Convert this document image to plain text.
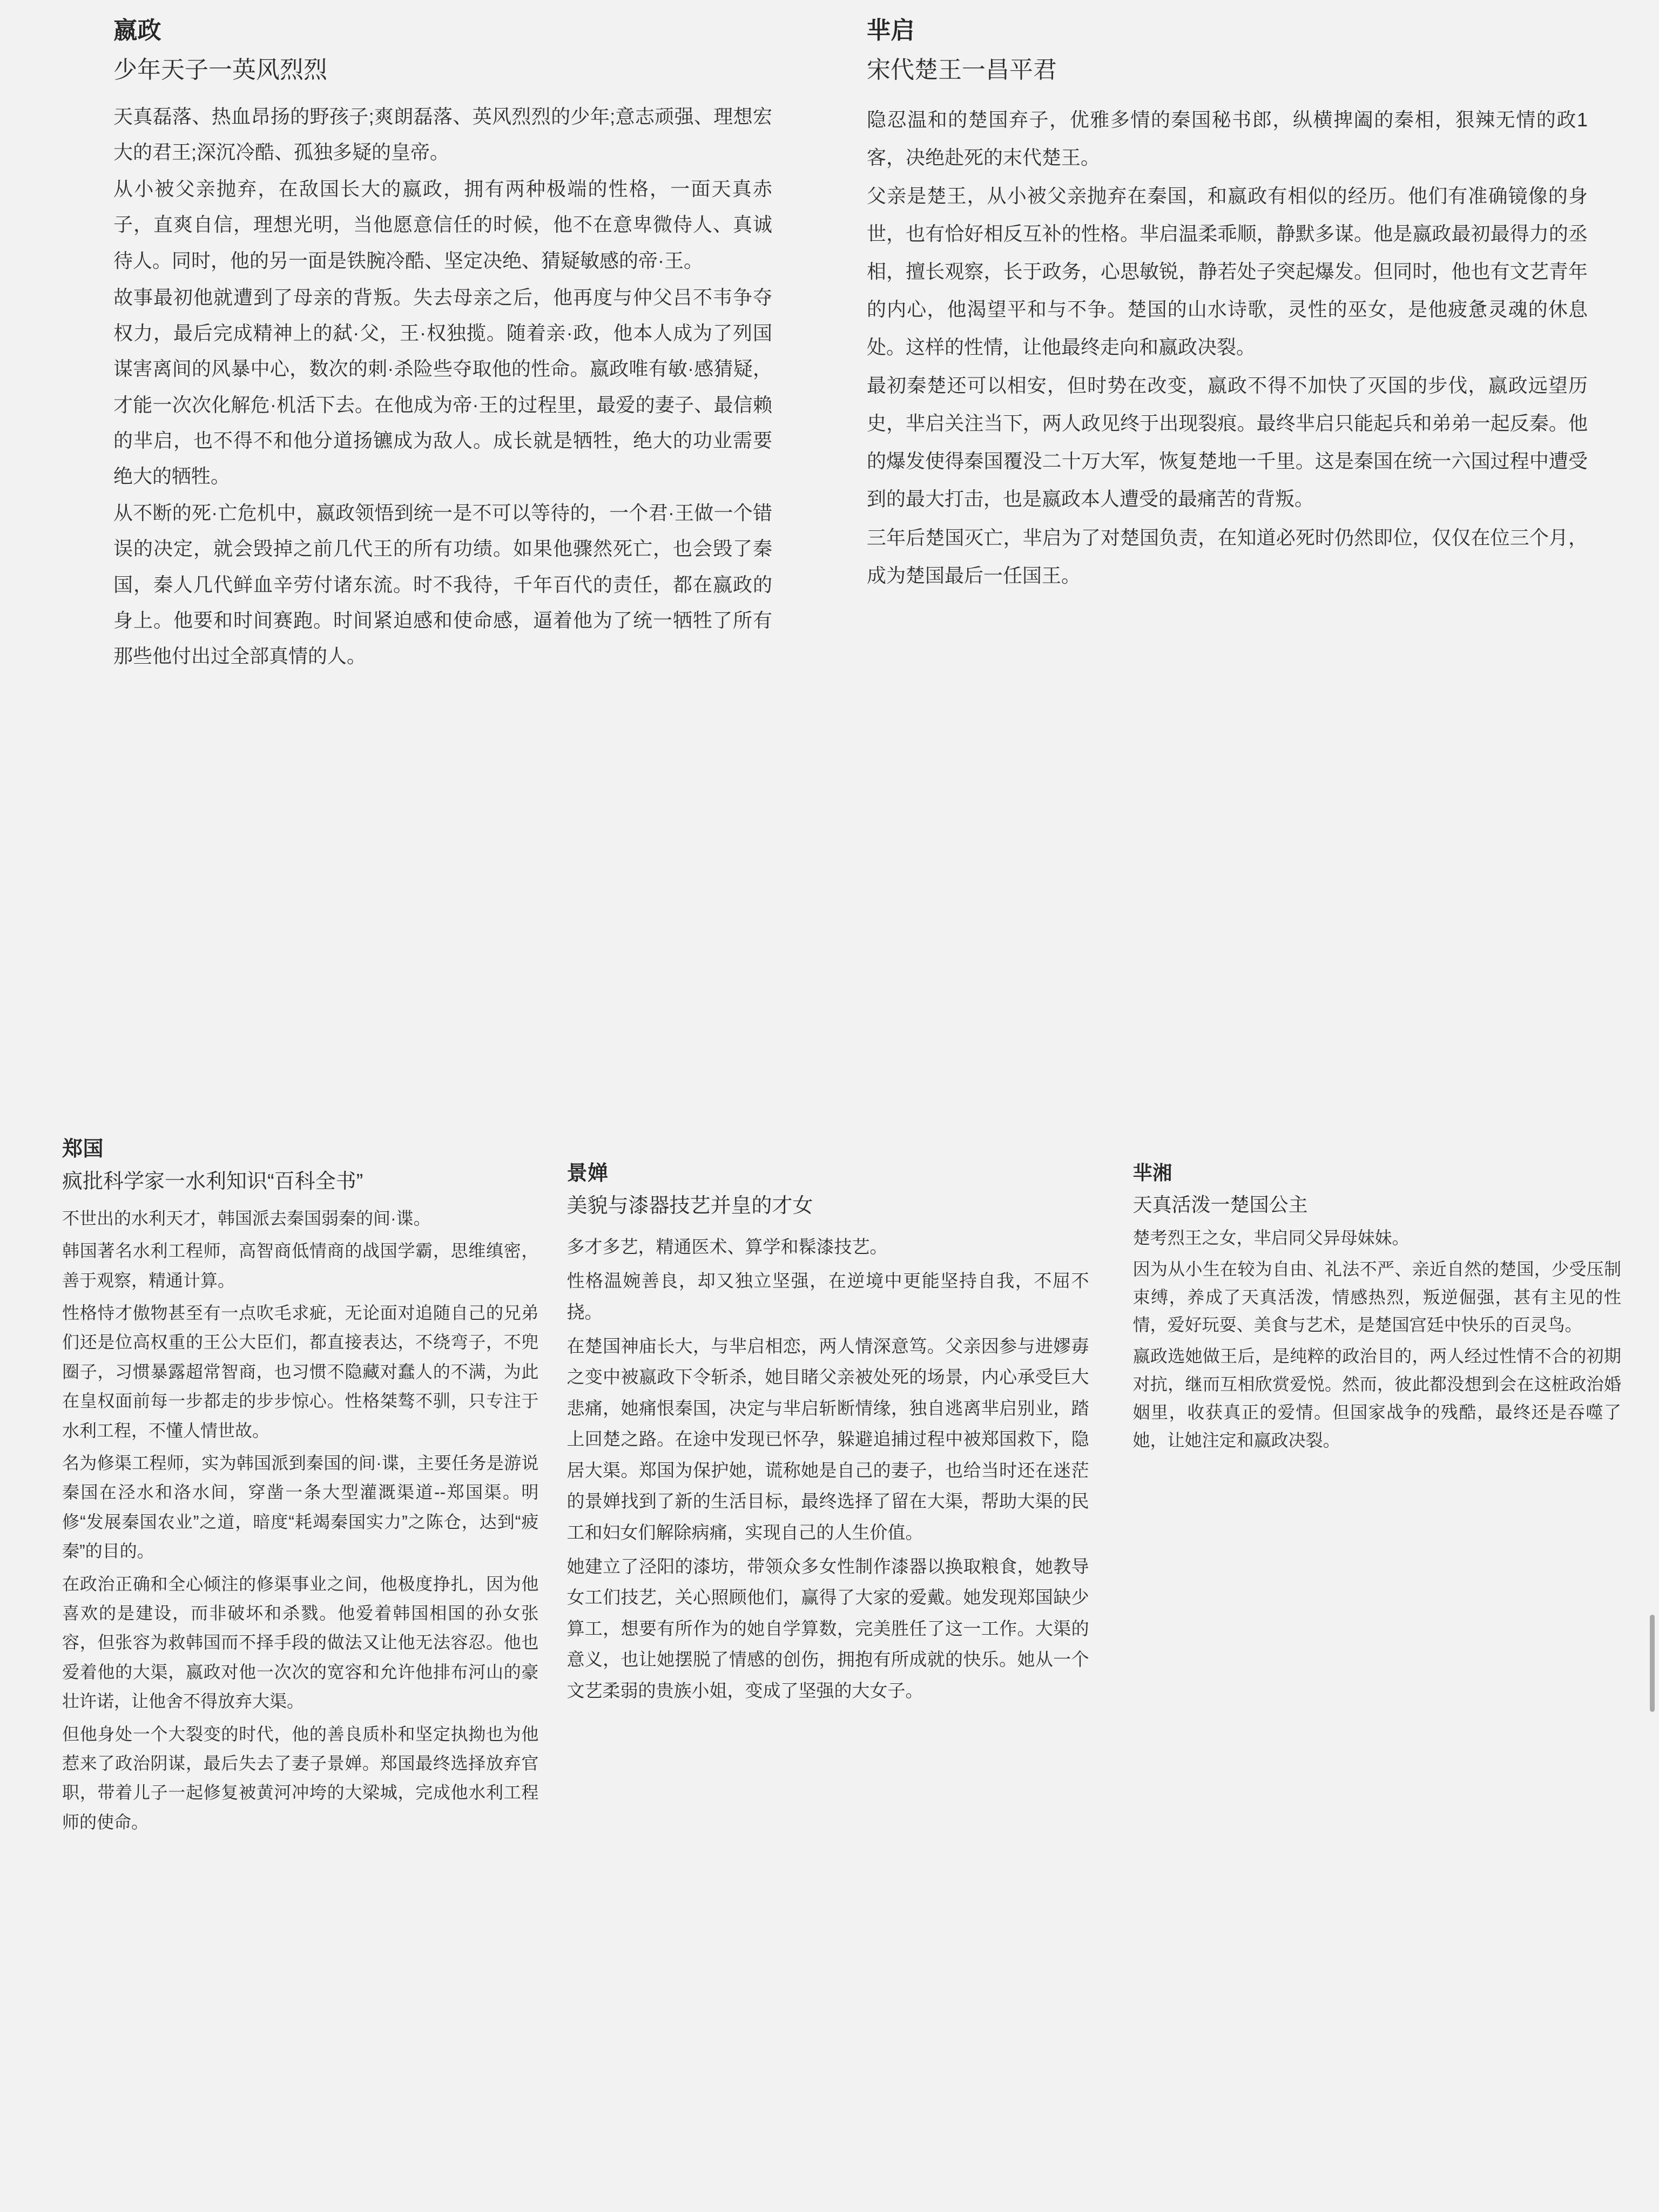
嬴政
少年天子一英风烈烈

天真磊落、热血昂扬的野孩子;爽朗磊落、英风烈烈的少年;意志顽强、理想宏大的君王;深沉冷酷、孤独多疑的皇帝。

从小被父亲抛弃，在敌国长大的嬴政，拥有两种极端的性格，一面天真赤子，直爽自信，理想光明，当他愿意信任的时候，他不在意卑微侍人、真诚待人。同时，他的另一面是铁腕冷酷、坚定决绝、猜疑敏感的帝·王。

故事最初他就遭到了母亲的背叛。失去母亲之后，他再度与仲父吕不韦争夺权力，最后完成精神上的弑·父，王·权独揽。随着亲·政，他本人成为了列国谋害离间的风暴中心，数次的刺·杀险些夺取他的性命。嬴政唯有敏·感猜疑，才能一次次化解危·机活下去。在他成为帝·王的过程里，最爱的妻子、最信赖的芈启，也不得不和他分道扬镳成为敌人。成长就是牺牲，绝大的功业需要绝大的牺牲。

从不断的死·亡危机中，嬴政领悟到统一是不可以等待的，一个君·王做一个错误的决定，就会毁掉之前几代王的所有功绩。如果他骤然死亡，也会毁了秦国，秦人几代鲜血辛劳付诸东流。时不我待，千年百代的责任，都在嬴政的身上。他要和时间赛跑。时间紧迫感和使命感，逼着他为了统一牺牲了所有那些他付出过全部真情的人。

芈启
宋代楚王一昌平君

隐忍温和的楚国弃子，优雅多情的秦国秘书郎，纵横捭阖的秦相，狠辣无情的政1客，决绝赴死的末代楚王。

父亲是楚王，从小被父亲抛弃在秦国，和嬴政有相似的经历。他们有准确镜像的身世，也有恰好相反互补的性格。芈启温柔乖顺，静默多谋。他是嬴政最初最得力的丞相，擅长观察，长于政务，心思敏锐，静若处子突起爆发。但同时，他也有文艺青年的内心，他渴望平和与不争。楚国的山水诗歌，灵性的巫女，是他疲惫灵魂的休息处。这样的性情，让他最终走向和嬴政决裂。

最初秦楚还可以相安，但时势在改变，嬴政不得不加快了灭国的步伐，嬴政远望历史，芈启关注当下，两人政见终于出现裂痕。最终芈启只能起兵和弟弟一起反秦。他的爆发使得秦国覆没二十万大军，恢复楚地一千里。这是秦国在统一六国过程中遭受到的最大打击，也是嬴政本人遭受的最痛苦的背叛。

三年后楚国灭亡，芈启为了对楚国负责，在知道必死时仍然即位，仅仅在位三个月，成为楚国最后一任国王。

郑国
疯批科学家一水利知识“百科全书”

不世出的水利天才，韩国派去秦国弱秦的间·谍。

韩国著名水利工程师，高智商低情商的战国学霸，思维缜密，善于观察，精通计算。

性格恃才傲物甚至有一点吹毛求疵，无论面对追随自己的兄弟们还是位高权重的王公大臣们，都直接表达，不绕弯子，不兜圈子，习惯暴露超常智商，也习惯不隐藏对蠢人的不满，为此在皇权面前每一步都走的步步惊心。性格桀骜不驯，只专注于水利工程，不懂人情世故。

名为修渠工程师，实为韩国派到秦国的间·谍，主要任务是游说秦国在泾水和洛水间，穿凿一条大型灌溉渠道--郑国渠。明修“发展秦国农业”之道，暗度“耗竭秦国实力”之陈仓，达到“疲秦”的目的。

在政治正确和全心倾注的修渠事业之间，他极度挣扎，因为他喜欢的是建设，而非破坏和杀戮。他爱着韩国相国的孙女张容，但张容为救韩国而不择手段的做法又让他无法容忍。他也爱着他的大渠，嬴政对他一次次的宽容和允许他排布河山的豪壮许诺，让他舍不得放弃大渠。

但他身处一个大裂变的时代，他的善良质朴和坚定执拗也为他惹来了政治阴谋，最后失去了妻子景婵。郑国最终选择放弃官职，带着儿子一起修复被黄河冲垮的大梁城，完成他水利工程师的使命。

景婵
美貌与漆器技艺并皇的才女

多才多艺，精通医术、算学和髹漆技艺。

性格温婉善良，却又独立坚强，在逆境中更能坚持自我，不屈不挠。

在楚国神庙长大，与芈启相恋，两人情深意笃。父亲因参与进嫪毐之变中被嬴政下令斩杀，她目睹父亲被处死的场景，内心承受巨大悲痛，她痛恨秦国，决定与芈启斩断情缘，独自逃离芈启别业，踏上回楚之路。在途中发现已怀孕，躲避追捕过程中被郑国救下，隐居大渠。郑国为保护她，谎称她是自己的妻子，也给当时还在迷茫的景婵找到了新的生活目标，最终选择了留在大渠，帮助大渠的民工和妇女们解除病痛，实现自己的人生价值。

她建立了泾阳的漆坊，带领众多女性制作漆器以换取粮食，她教导女工们技艺，关心照顾他们，赢得了大家的爱戴。她发现郑国缺少算工，想要有所作为的她自学算数，完美胜任了这一工作。大渠的意义，也让她摆脱了情感的创伤，拥抱有所成就的快乐。她从一个文艺柔弱的贵族小姐，变成了坚强的大女子。

芈湘
天真活泼一楚国公主

楚考烈王之女，芈启同父异母妹妹。

因为从小生在较为自由、礼法不严、亲近自然的楚国，少受压制束缚，养成了天真活泼，情感热烈，叛逆倔强，甚有主见的性情，爱好玩耍、美食与艺术，是楚国宫廷中快乐的百灵鸟。

嬴政选她做王后，是纯粹的政治目的，两人经过性情不合的初期对抗，继而互相欣赏爱悦。然而，彼此都没想到会在这桩政治婚姻里，收获真正的爱情。但国家战争的残酷，最终还是吞噬了她，让她注定和嬴政决裂。
